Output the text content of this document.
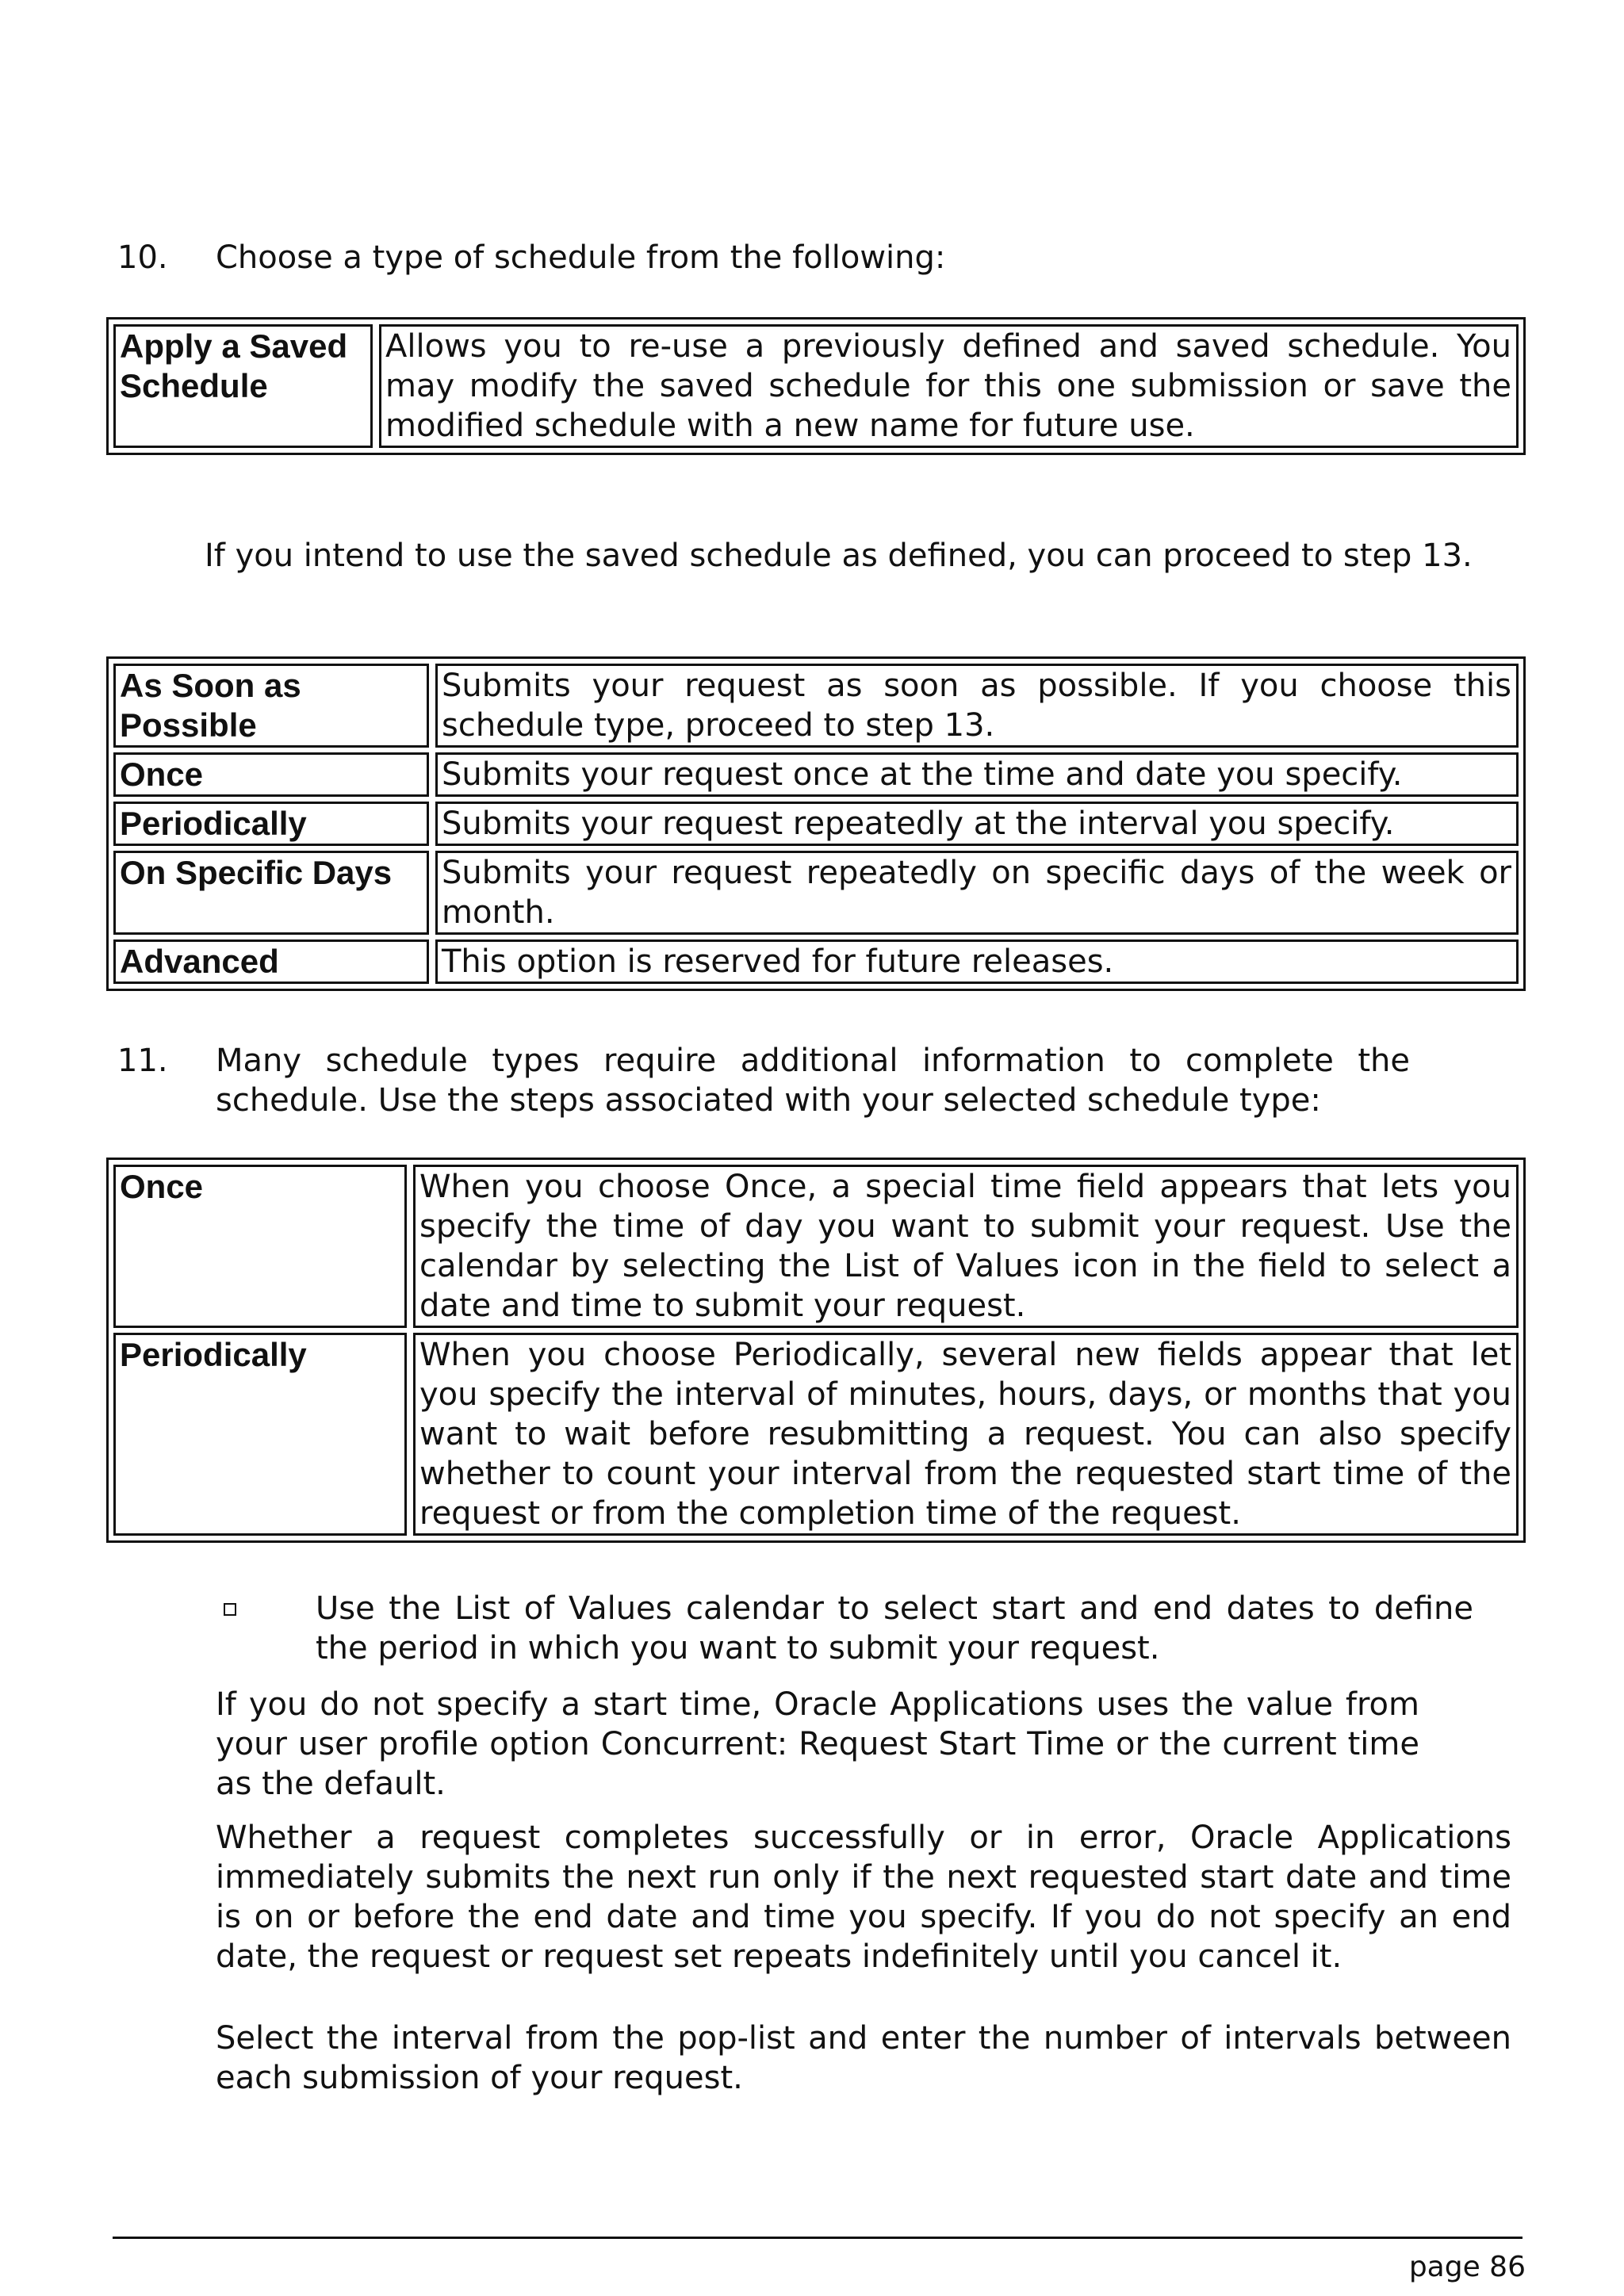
10. Choose a type of schedule from the following:
Apply a Saved Schedule		Allows you to re-use a previously defined and saved schedule. You may modify the saved schedule for this one submission or save the modified schedule with a new name for future use.
If you intend to use the saved schedule as defined, you can proceed to step 13.
As Soon as Possible		Submits your request as soon as possible. If you choose this schedule type, proceed to step 13.
Once		Submits your request once at the time and date you specify.
Periodically		Submits your request repeatedly at the interval you specify.
On Specific Days		Submits your request repeatedly on specific days of the week or month.
Advanced		This option is reserved for future releases.
11. Many schedule types require additional information to complete the schedule. Use the steps associated with your selected schedule type:
Once		When you choose Once, a special time field appears that lets you specify the time of day you want to submit your request. Use the calendar by selecting the List of Values icon in the field to select a date and time to submit your request.
Periodically		When you choose Periodically, several new fields appear that let you specify the interval of minutes, hours, days, or months that you want to wait before resubmitting a request. You can also specify whether to count your interval from the requested start time of the request or from the completion time of the request.
Use the List of Values calendar to select start and end dates to define the period in which you want to submit your request.
If you do not specify a start time, Oracle Applications uses the value from your user profile option Concurrent: Request Start Time or the current time as the default.
Whether a request completes successfully or in error, Oracle Applications immediately submits the next run only if the next requested start date and time is on or before the end date and time you specify. If you do not specify an end date, the request or request set repeats indefinitely until you cancel it.
Select the interval from the pop-list and enter the number of intervals between each submission of your request.
page 86
